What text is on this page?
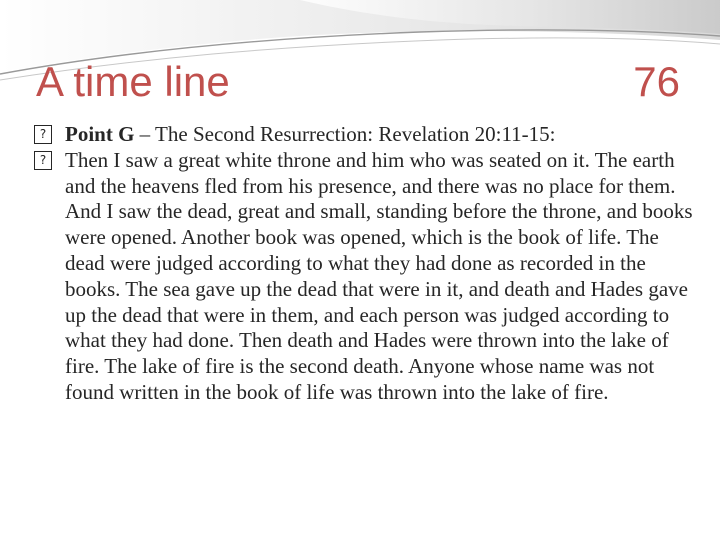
A time line	76
? Point G – The Second Resurrection: Revelation 20:11-15:
? Then I saw a great white throne and him who was seated on it. The earth and the heavens fled from his presence, and there was no place for them. And I saw the dead, great and small, standing before the throne, and books were opened. Another book was opened, which is the book of life. The dead were judged according to what they had done as recorded in the books. The sea gave up the dead that were in it, and death and Hades gave up the dead that were in them, and each person was judged according to what they had done. Then death and Hades were thrown into the lake of fire. The lake of fire is the second death. Anyone whose name was not found written in the book of life was thrown into the lake of fire.
